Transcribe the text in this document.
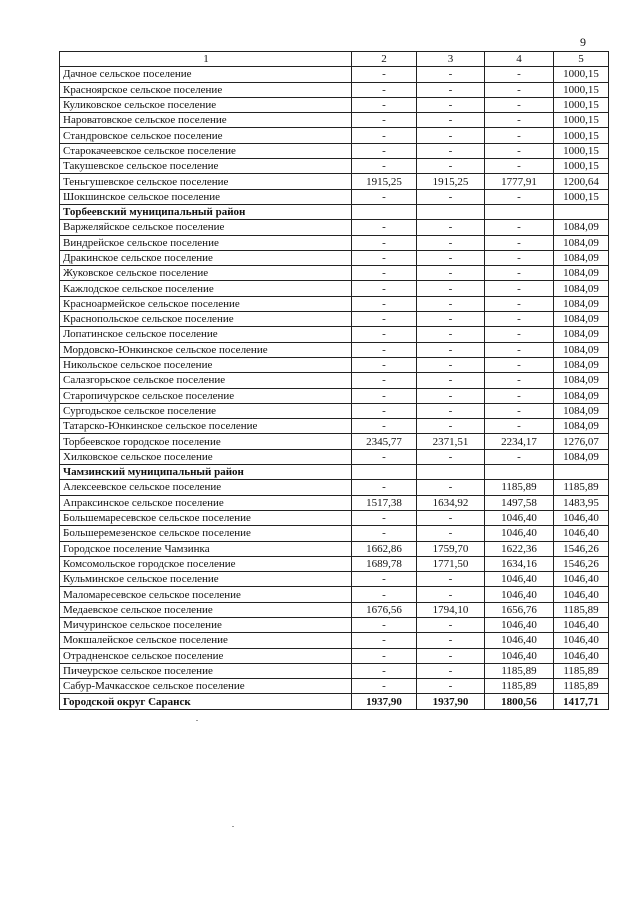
9
1	2	3	4	5
Дачное сельское поселение	-	-	-	1000,15
Красноярское сельское поселение	-	-	-	1000,15
Куликовское сельское поселение	-	-	-	1000,15
Нароватовское сельское поселение	-	-	-	1000,15
Стандровское сельское поселение	-	-	-	1000,15
Старокачеевское сельское поселение	-	-	-	1000,15
Такушевское сельское поселение	-	-	-	1000,15
Теньгушевское сельское поселение	1915,25	1915,25	1777,91	1200,64
Шокшинское сельское поселение	-	-	-	1000,15
Торбеевский муниципальный район				
Варжеляйское сельское поселение	-	-	-	1084,09
Виндрейское сельское поселение	-	-	-	1084,09
Дракинское сельское поселение	-	-	-	1084,09
Жуковское сельское поселение	-	-	-	1084,09
Кажлодское сельское поселение	-	-	-	1084,09
Красноармейское сельское поселение	-	-	-	1084,09
Краснопольское сельское поселение	-	-	-	1084,09
Лопатинское сельское поселение	-	-	-	1084,09
Мордовско-Юнкинское сельское поселение	-	-	-	1084,09
Никольское сельское поселение	-	-	-	1084,09
Салазгорьское сельское поселение	-	-	-	1084,09
Старопичурское сельское поселение	-	-	-	1084,09
Сургодьское сельское поселение	-	-	-	1084,09
Татарско-Юнкинское сельское поселение	-	-	-	1084,09
Торбеевское городское поселение	2345,77	2371,51	2234,17	1276,07
Хилковское сельское поселение	-	-	-	1084,09
Чамзинский муниципальный район				
Алексеевское сельское поселение	-	-	1185,89	1185,89
Апраксинское сельское поселение	1517,38	1634,92	1497,58	1483,95
Большемаресевское сельское поселение	-	-	1046,40	1046,40
Большеремезенское сельское поселение	-	-	1046,40	1046,40
Городское поселение Чамзинка	1662,86	1759,70	1622,36	1546,26
Комсомольское городское поселение	1689,78	1771,50	1634,16	1546,26
Кульминское сельское поселение	-	-	1046,40	1046,40
Маломаресевское сельское поселение	-	-	1046,40	1046,40
Медаевское сельское поселение	1676,56	1794,10	1656,76	1185,89
Мичуринское сельское поселение	-	-	1046,40	1046,40
Мокшалейское сельское поселение	-	-	1046,40	1046,40
Отрадненское сельское поселение	-	-	1046,40	1046,40
Пичеурское сельское поселение	-	-	1185,89	1185,89
Сабур-Мачкасское сельское поселение	-	-	1185,89	1185,89
Городской округ Саранск	1937,90	1937,90	1800,56	1417,71
